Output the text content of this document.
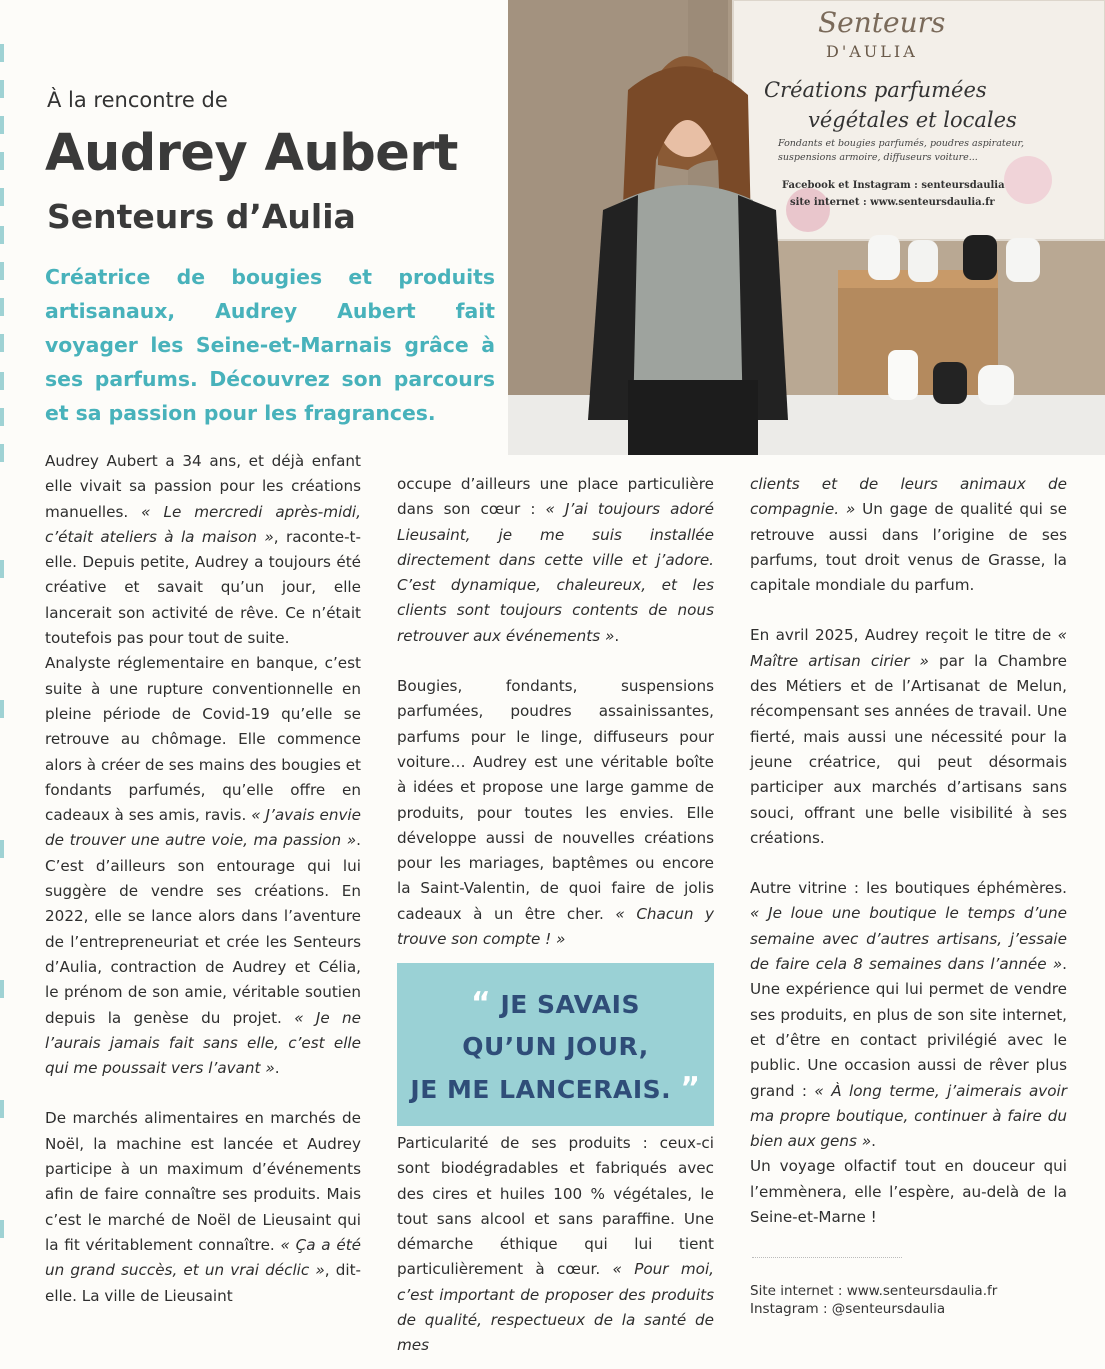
À la rencontre de
Audrey Aubert
Senteurs d’Aulia
Créatrice de bougies et produits artisanaux, Audrey Aubert fait voyager les Seine-et-Marnais grâce à ses parfums. Découvrez son parcours et sa passion pour les fragrances.
Senteurs
D'AULIA
Créations parfumées
végétales et locales
Fondants et bougies parfumés, poudres aspirateur,
suspensions armoire, diffuseurs voiture...
Facebook et Instagram : senteursdaulia
site internet : www.senteursdaulia.fr

Audrey Aubert a 34 ans, et déjà enfant elle vivait sa passion pour les créations manuelles. « Le mercredi après-midi, c’était ateliers à la maison », raconte-t-elle. Depuis petite, Audrey a toujours été créative et savait qu’un jour, elle lancerait son activité de rêve. Ce n’était toutefois pas pour tout de suite.

Analyste réglementaire en banque, c’est suite à une rupture conventionnelle en pleine période de Covid-19 qu’elle se retrouve au chômage. Elle commence alors à créer de ses mains des bougies et fondants parfumés, qu’elle offre en cadeaux à ses amis, ravis. « J’avais envie de trouver une autre voie, ma passion ». C’est d’ailleurs son entourage qui lui suggère de vendre ses créations. En 2022, elle se lance alors dans l’aventure de l’entrepreneuriat et crée les Senteurs d’Aulia, contraction de Audrey et Célia, le prénom de son amie, véritable soutien depuis la genèse du projet. « Je ne l’aurais jamais fait sans elle, c’est elle qui me poussait vers l’avant ».

De marchés alimentaires en marchés de Noël, la machine est lancée et Audrey participe à un maximum d’événements afin de faire connaître ses produits. Mais c’est le marché de Noël de Lieusaint qui la fit véritablement connaître. « Ça a été un grand succès, et un vrai déclic », dit-elle. La ville de Lieusaint

occupe d’ailleurs une place particulière dans son cœur : « J’ai toujours adoré Lieusaint, je me suis installée directement dans cette ville et j’adore. C’est dynamique, chaleureux, et les clients sont toujours contents de nous retrouver aux événements ».

Bougies, fondants, suspensions parfumées, poudres assainissantes, parfums pour le linge, diffuseurs pour voiture… Audrey est une véritable boîte à idées et propose une large gamme de produits, pour toutes les envies. Elle développe aussi de nouvelles créations pour les mariages, baptêmes ou encore la Saint-Valentin, de quoi faire de jolis cadeaux à un être cher. « Chacun y trouve son compte ! »

“ JE SAVAIS
QU’UN JOUR,
JE ME LANCERAIS. ”

Particularité de ses produits : ceux-ci sont biodégradables et fabriqués avec des cires et huiles 100 % végétales, le tout sans alcool et sans paraffine. Une démarche éthique qui lui tient particulièrement à cœur. « Pour moi, c’est important de proposer des produits de qualité, respectueux de la santé de mes

clients et de leurs animaux de compagnie. » Un gage de qualité qui se retrouve aussi dans l’origine de ses parfums, tout droit venus de Grasse, la capitale mondiale du parfum.

En avril 2025, Audrey reçoit le titre de « Maître artisan cirier » par la Chambre des Métiers et de l’Artisanat de Melun, récompensant ses années de travail. Une fierté, mais aussi une nécessité pour la jeune créatrice, qui peut désormais participer aux marchés d’artisans sans souci, offrant une belle visibilité à ses créations.

Autre vitrine : les boutiques éphémères. « Je loue une boutique le temps d’une semaine avec d’autres artisans, j’essaie de faire cela 8 semaines dans l’année ». Une expérience qui lui permet de vendre ses produits, en plus de son site internet, et d’être en contact privilégié avec le public. Une occasion aussi de rêver plus grand : « À long terme, j’aimerais avoir ma propre boutique, continuer à faire du bien aux gens ».

Un voyage olfactif tout en douceur qui l’emmènera, elle l’espère, au-delà de la Seine-et-Marne !

Site internet : www.senteursdaulia.fr
Instagram : @senteursdaulia
